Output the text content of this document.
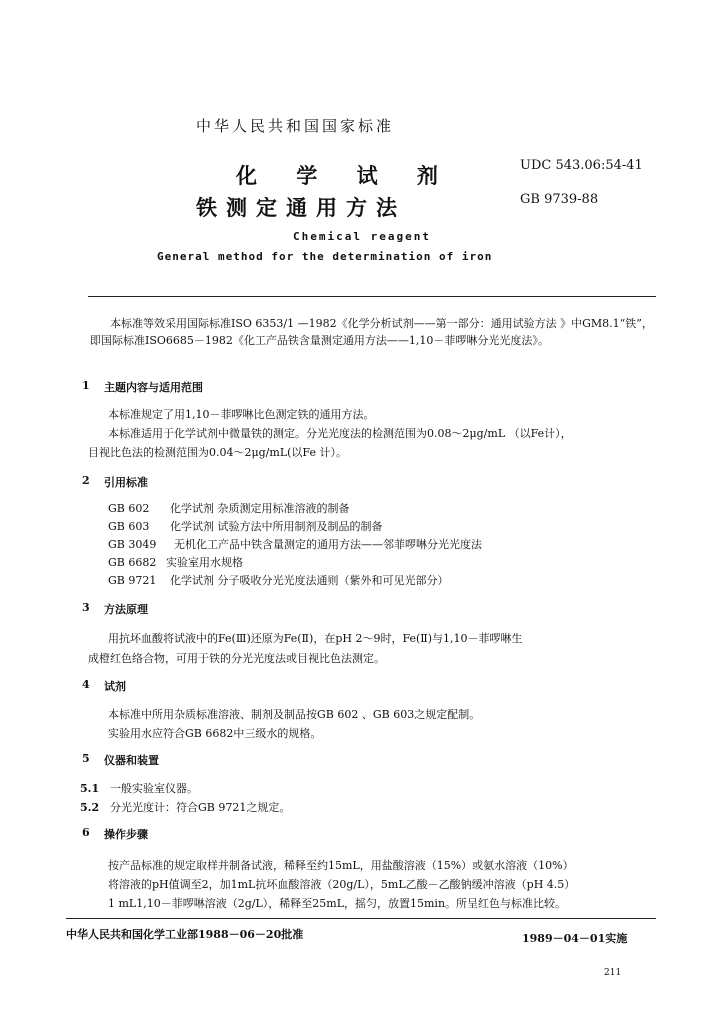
中华人民共和国国家标准
化 学 试 剂
铁测定通用方法
UDC 543.06:54-41
GB 9739-88
Chemical reagent
General method for the determination of iron
本标准等效采用国际标准ISO 6353/1 —1982《化学分析试剂——第一部分：通用试验方法 》中GM8.1“铁”，即国际标准ISO6685－1982《化工产品铁含量测定通用方法——1,10－菲啰啉分光光度法》。
1 主题内容与适用范围
本标准规定了用1,10－菲啰啉比色测定铁的通用方法。
本标准适用于化学试剂中微量铁的测定。分光光度法的检测范围为0.08～2μg/mL （以Fe计），
目视比色法的检测范围为0.04～2μg/mL(以Fe 计）。
2 引用标准
GB 602 化学试剂 杂质测定用标准溶液的制备
GB 603 化学试剂 试验方法中所用制剂及制品的制备
GB 3049 无机化工产品中铁含量测定的通用方法——邻菲啰啉分光光度法
GB 6682 实验室用水规格
GB 9721 化学试剂 分子吸收分光光度法通则（紫外和可见光部分）
3 方法原理
用抗坏血酸将试液中的Fe(Ⅲ)还原为Fe(Ⅱ)，在pH 2～9时，Fe(Ⅱ)与1,10－菲啰啉生
成橙红色络合物，可用于铁的分光光度法或目视比色法测定。
4 试剂
本标准中所用杂质标准溶液、制剂及制品按GB 602 、GB 603之规定配制。
实验用水应符合GB 6682中三级水的规格。
5 仪器和装置
5.1 一般实验室仪器。
5.2 分光光度计：符合GB 9721之规定。
6 操作步骤
按产品标准的规定取样并制备试液，稀释至约15mL，用盐酸溶液（15%）或氨水溶液（10%）
将溶液的pH值调至2，加1mL抗坏血酸溶液（20g/L），5mL乙酸－乙酸钠缓冲溶液（pH 4.5）
1 mL1,10－菲啰啉溶液（2g/L），稀释至25mL，摇匀，放置15min。所呈红色与标准比较。
中华人民共和国化学工业部1988－06－20批准	1989－04－01实施
211
